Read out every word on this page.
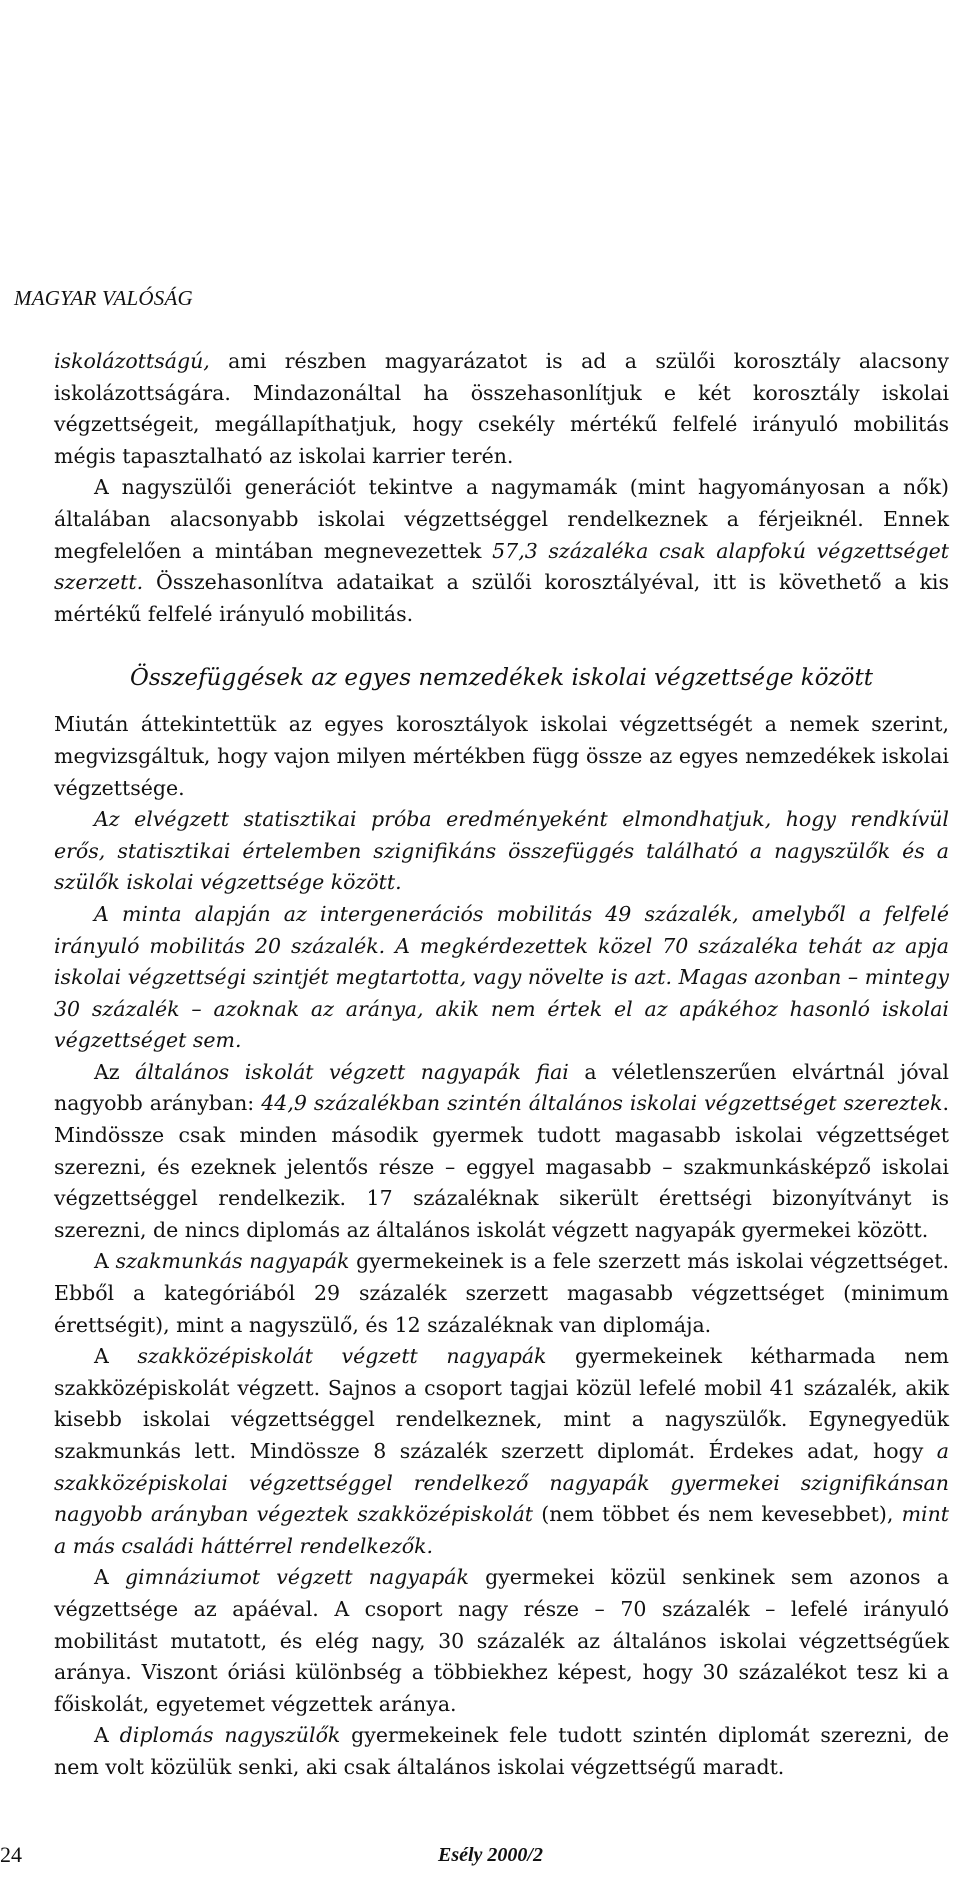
MAGYAR VALÓSÁG

iskolázottságú, ami részben magyarázatot is ad a szülői korosztály alacsony iskolázottságára. Mindazonáltal ha összehasonlítjuk e két korosztály iskolai végzettségeit, megállapíthatjuk, hogy csekély mértékű felfelé irányuló mobilitás mégis tapasztalható az iskolai karrier terén.

A nagyszülői generációt tekintve a nagymamák (mint hagyományosan a nők) általában alacsonyabb iskolai végzettséggel rendelkeznek a férjeiknél. Ennek megfelelően a mintában megnevezettek 57,3 százaléka csak alapfokú végzettséget szerzett. Összehasonlítva adataikat a szülői korosztályéval, itt is követhető a kis mértékű felfelé irányuló mobilitás.

Összefüggések az egyes nemzedékek iskolai végzettsége között

Miután áttekintettük az egyes korosztályok iskolai végzettségét a nemek szerint, megvizsgáltuk, hogy vajon milyen mértékben függ össze az egyes nemzedékek iskolai végzettsége.

Az elvégzett statisztikai próba eredményeként elmondhatjuk, hogy rendkívül erős, statisztikai értelemben szignifikáns összefüggés található a nagyszülők és a szülők iskolai végzettsége között.

A minta alapján az intergenerációs mobilitás 49 százalék, amelyből a felfelé irányuló mobilitás 20 százalék. A megkérdezettek közel 70 százaléka tehát az apja iskolai végzettségi szintjét megtartotta, vagy növelte is azt. Magas azonban – mintegy 30 százalék – azoknak az aránya, akik nem értek el az apákéhoz hasonló iskolai végzettséget sem.

Az általános iskolát végzett nagyapák fiai a véletlenszerűen elvártnál jóval nagyobb arányban: 44,9 százalékban szintén általános iskolai végzettséget szereztek. Mindössze csak minden második gyermek tudott magasabb iskolai végzettséget szerezni, és ezeknek jelentős része – eggyel magasabb – szakmunkásképző iskolai végzettséggel rendelkezik. 17 százaléknak sikerült érettségi bizonyítványt is szerezni, de nincs diplomás az általános iskolát végzett nagyapák gyermekei között.

A szakmunkás nagyapák gyermekeinek is a fele szerzett más iskolai végzettséget. Ebből a kategóriából 29 százalék szerzett magasabb végzettséget (minimum érettségit), mint a nagyszülő, és 12 százaléknak van diplomája.

A szakközépiskolát végzett nagyapák gyermekeinek kétharmada nem szakközépiskolát végzett. Sajnos a csoport tagjai közül lefelé mobil 41 százalék, akik kisebb iskolai végzettséggel rendelkeznek, mint a nagyszülők. Egynegyedük szakmunkás lett. Mindössze 8 százalék szerzett diplomát. Érdekes adat, hogy a szakközépiskolai végzettséggel rendelkező nagyapák gyermekei szignifikánsan nagyobb arányban végeztek szakközépiskolát (nem többet és nem kevesebbet), mint a más családi háttérrel rendelkezők.

A gimnáziumot végzett nagyapák gyermekei közül senkinek sem azonos a végzettsége az apáéval. A csoport nagy része – 70 százalék – lefelé irányuló mobilitást mutatott, és elég nagy, 30 százalék az általános iskolai végzettségűek aránya. Viszont óriási különbség a többiekhez képest, hogy 30 százalékot tesz ki a főiskolát, egyetemet végzettek aránya.

A diplomás nagyszülők gyermekeinek fele tudott szintén diplomát szerezni, de nem volt közülük senki, aki csak általános iskolai végzettségű maradt.

24	Esély 2000/2
